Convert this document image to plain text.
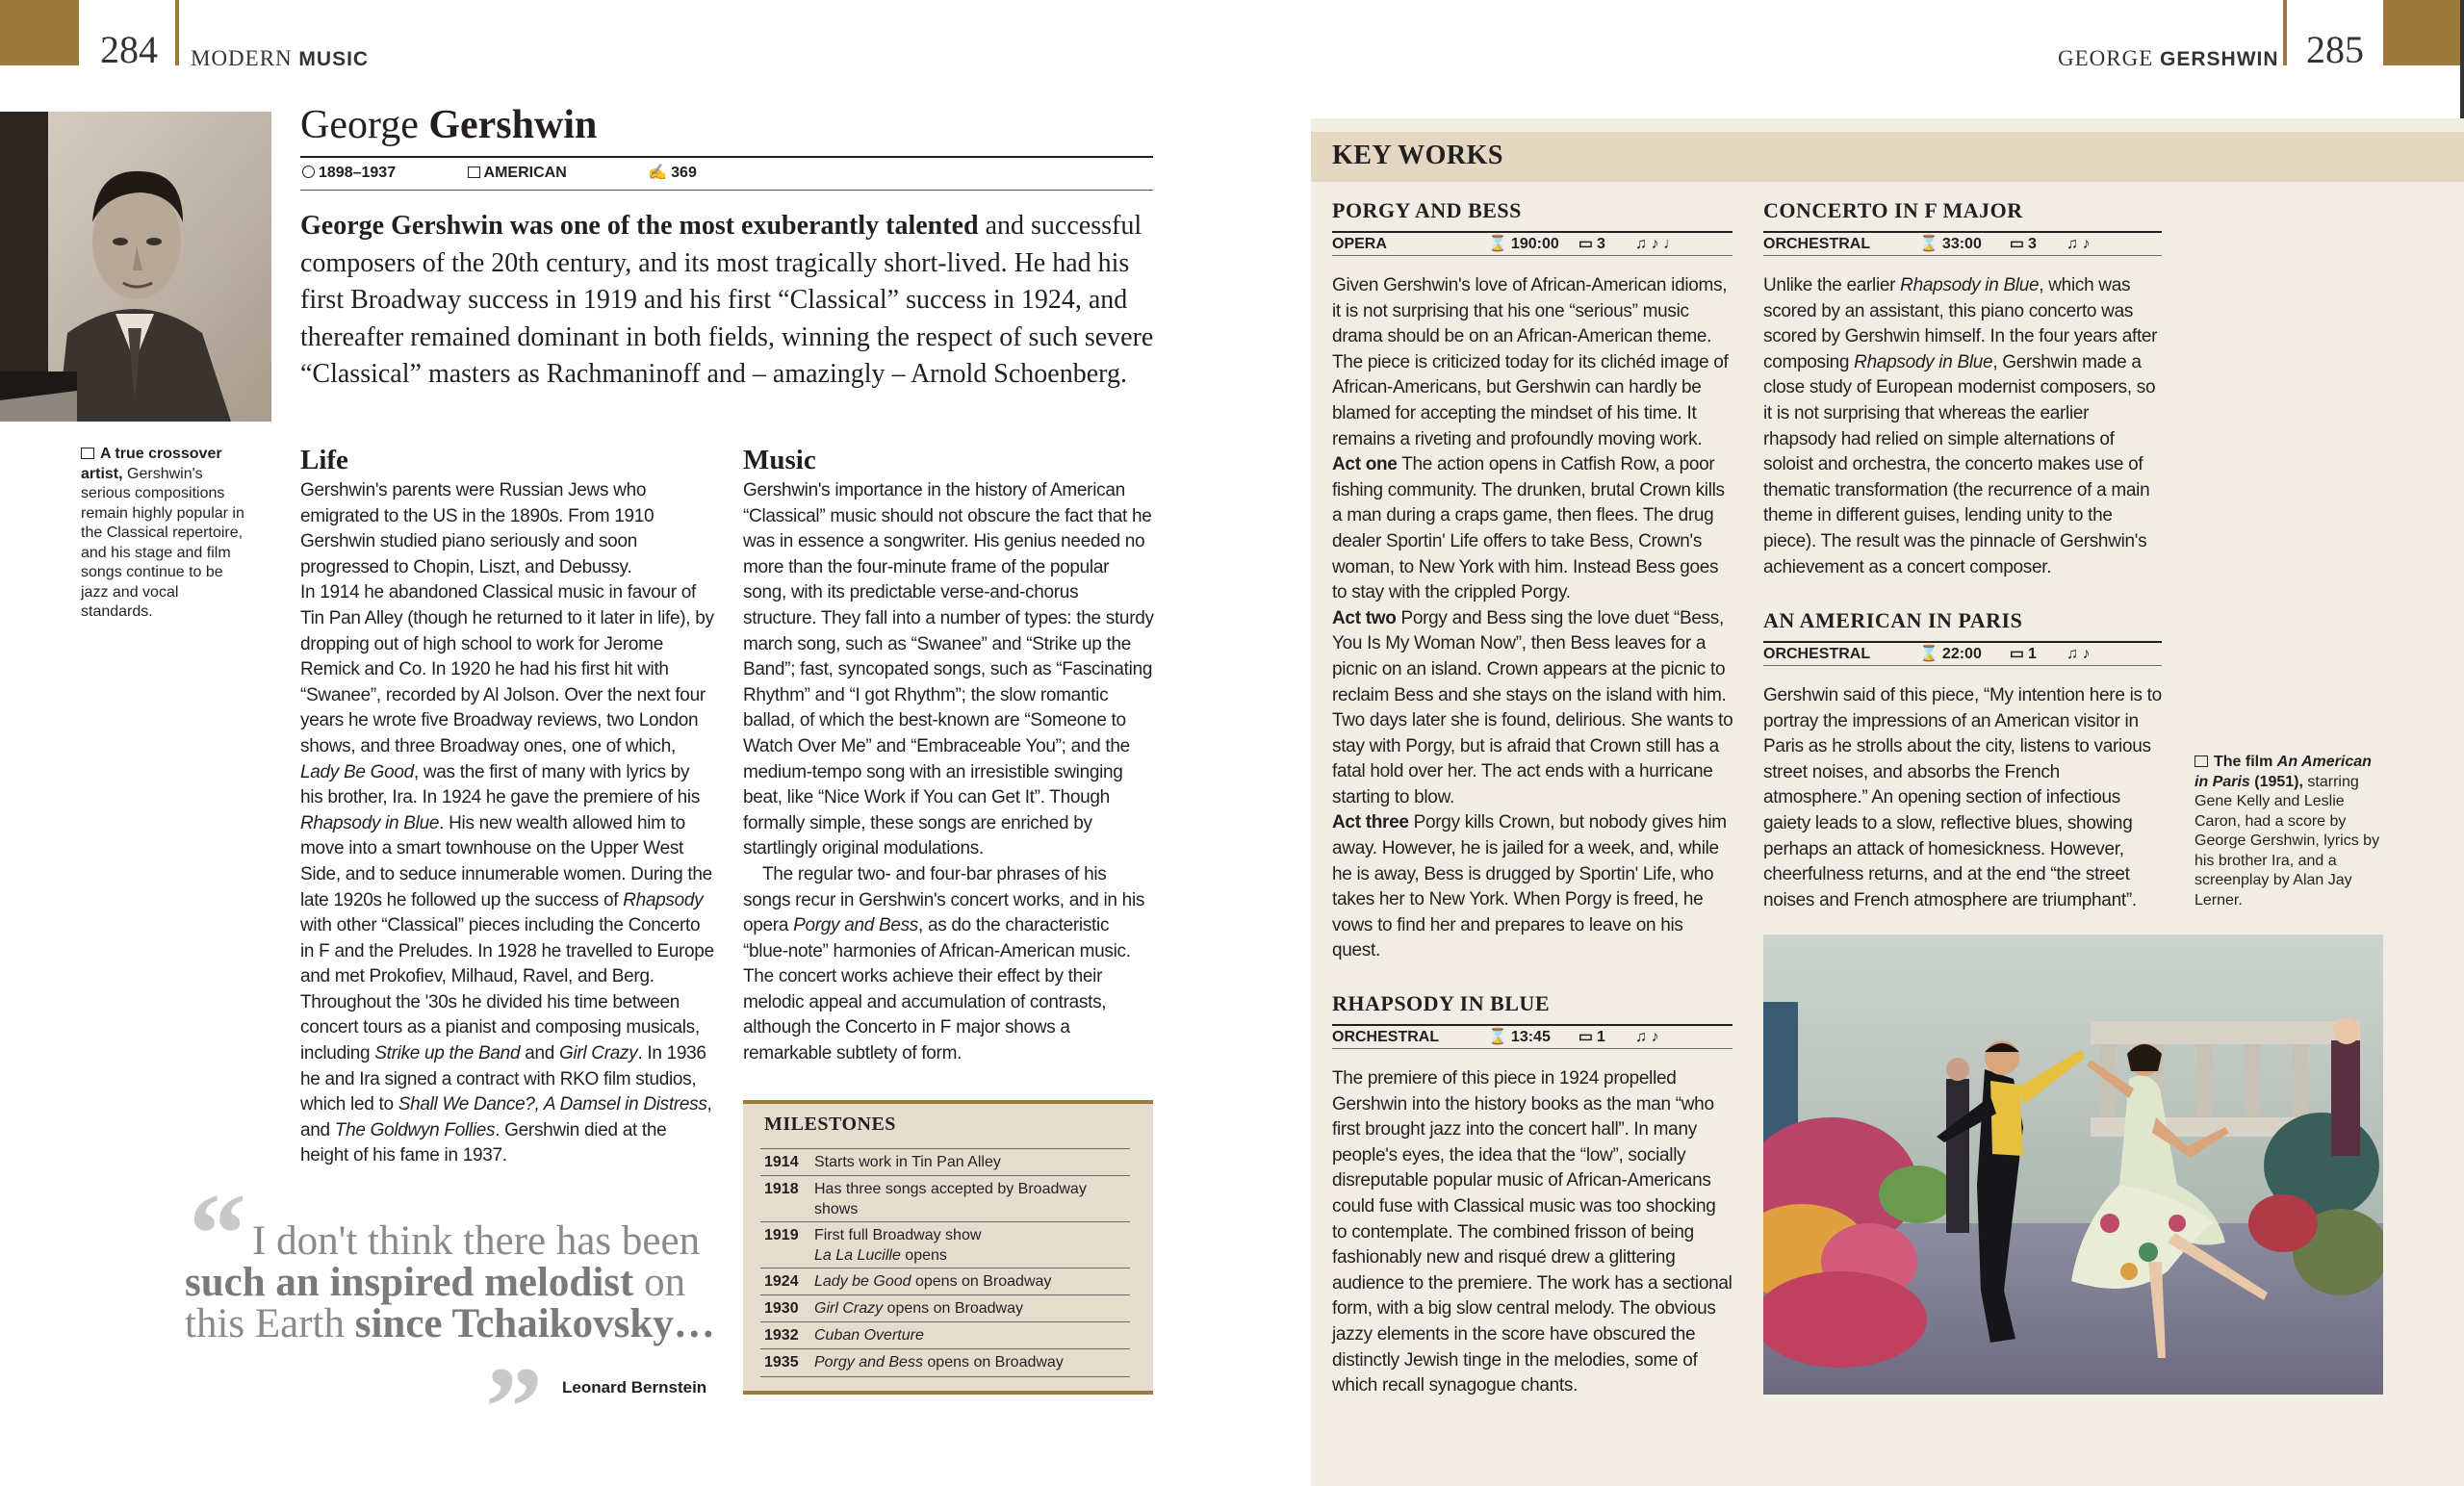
284 MODERN MUSIC
A true crossover artist, Gershwin's serious compositions remain highly popular in the Classical repertoire, and his stage and film songs continue to be jazz and vocal standards.
George Gershwin
1898–1937	AMERICAN	✍ 369
George Gershwin was one of the most exuberantly talented and successful composers of the 20th century, and its most tragically short-lived. He had his first Broadway success in 1919 and his first “Classical” success in 1924, and thereafter remained dominant in both fields, winning the respect of such severe “Classical” masters as Rachmaninoff and – amazingly – Arnold Schoenberg.
Life

Gershwin's parents were Russian Jews who emigrated to the US in the 1890s. From 1910 Gershwin studied piano seriously and soon progressed to Chopin, Liszt, and Debussy.

In 1914 he abandoned Classical music in favour of Tin Pan Alley (though he returned to it later in life), by dropping out of high school to work for Jerome Remick and Co. In 1920 he had his first hit with “Swanee”, recorded by Al Jolson. Over the next four years he wrote five Broadway reviews, two London shows, and three Broadway ones, one of which, Lady Be Good, was the first of many with lyrics by his brother, Ira. In 1924 he gave the premiere of his Rhapsody in Blue. His new wealth allowed him to move into a smart townhouse on the Upper West Side, and to seduce innumerable women. During the late 1920s he followed up the success of Rhapsody with other “Classical” pieces including the Concerto in F and the Preludes. In 1928 he travelled to Europe and met Prokofiev, Milhaud, Ravel, and Berg. Throughout the '30s he divided his time between concert tours as a pianist and composing musicals, including Strike up the Band and Girl Crazy. In 1936 he and Ira signed a contract with RKO film studios, which led to Shall We Dance?, A Damsel in Distress, and The Goldwyn Follies. Gershwin died at the height of his fame in 1937.

Music

Gershwin's importance in the history of American “Classical” music should not obscure the fact that he was in essence a songwriter. His genius needed no more than the four-minute frame of the popular song, with its predictable verse-and-chorus structure. They fall into a number of types: the sturdy march song, such as “Swanee” and “Strike up the Band”; fast, syncopated songs, such as “Fascinating Rhythm” and “I got Rhythm”; the slow romantic ballad, of which the best-known are “Someone to Watch Over Me” and “Embraceable You”; and the medium-tempo song with an irresistible swinging beat, like “Nice Work if You can Get It”. Though formally simple, these songs are enriched by startlingly original modulations.

The regular two- and four-bar phrases of his songs recur in Gershwin's concert works, and in his opera Porgy and Bess, as do the characteristic “blue-note” harmonies of African-American music. The concert works achieve their effect by their melodic appeal and accumulation of contrasts, although the Concerto in F major shows a remarkable subtlety of form.

MILESTONES
1914	Starts work in Tin Pan Alley
1918	Has three songs accepted by Broadway shows
1919	First full Broadway show
La La Lucille opens
1924	Lady be Good opens on Broadway
1930	Girl Crazy opens on Broadway
1932	Cuban Overture
1935	Porgy and Bess opens on Broadway
“ I don't think there has been such an inspired melodist on this Earth since Tchaikovsky…
” Leonard Bernstein
GEORGE GERSHWIN 285
KEY WORKS
PORGY AND BESS
OPERA	⌛ 190:00	▭ 3	♫ ♪ ♩

Given Gershwin's love of African-American idioms, it is not surprising that his one “serious” music drama should be on an African-American theme. The piece is criticized today for its clichéd image of African-Americans, but Gershwin can hardly be blamed for accepting the mindset of his time. It remains a riveting and profoundly moving work.

Act one The action opens in Catfish Row, a poor fishing community. The drunken, brutal Crown kills a man during a craps game, then flees. The drug dealer Sportin' Life offers to take Bess, Crown's woman, to New York with him. Instead Bess goes to stay with the crippled Porgy.

Act two Porgy and Bess sing the love duet “Bess, You Is My Woman Now”, then Bess leaves for a picnic on an island. Crown appears at the picnic to reclaim Bess and she stays on the island with him. Two days later she is found, delirious. She wants to stay with Porgy, but is afraid that Crown still has a fatal hold over her. The act ends with a hurricane starting to blow.

Act three Porgy kills Crown, but nobody gives him away. However, he is jailed for a week, and, while he is away, Bess is drugged by Sportin' Life, who takes her to New York. When Porgy is freed, he vows to find her and prepares to leave on his quest.

RHAPSODY IN BLUE
ORCHESTRAL	⌛ 13:45	▭ 1	♫ ♪

The premiere of this piece in 1924 propelled Gershwin into the history books as the man “who first brought jazz into the concert hall”. In many people's eyes, the idea that the “low”, socially disreputable popular music of African-Americans could fuse with Classical music was too shocking to contemplate. The combined frisson of being fashionably new and risqué drew a glittering audience to the premiere. The work has a sectional form, with a big slow central melody. The obvious jazzy elements in the score have obscured the distinctly Jewish tinge in the melodies, some of which recall synagogue chants.

CONCERTO IN F MAJOR
ORCHESTRAL	⌛ 33:00	▭ 3	♫ ♪

Unlike the earlier Rhapsody in Blue, which was scored by an assistant, this piano concerto was scored by Gershwin himself. In the four years after composing Rhapsody in Blue, Gershwin made a close study of European modernist composers, so it is not surprising that whereas the earlier rhapsody had relied on simple alternations of soloist and orchestra, the concerto makes use of thematic transformation (the recurrence of a main theme in different guises, lending unity to the piece). The result was the pinnacle of Gershwin's achievement as a concert composer.

AN AMERICAN IN PARIS
ORCHESTRAL	⌛ 22:00	▭ 1	♫ ♪

Gershwin said of this piece, “My intention here is to portray the impressions of an American visitor in Paris as he strolls about the city, listens to various street noises, and absorbs the French atmosphere.” An opening section of infectious gaiety leads to a slow, reflective blues, showing perhaps an attack of homesickness. However, cheerfulness returns, and at the end “the street noises and French atmosphere are triumphant”.

The film An American in Paris (1951), starring Gene Kelly and Leslie Caron, had a score by George Gershwin, lyrics by his brother Ira, and a screenplay by Alan Jay Lerner.
